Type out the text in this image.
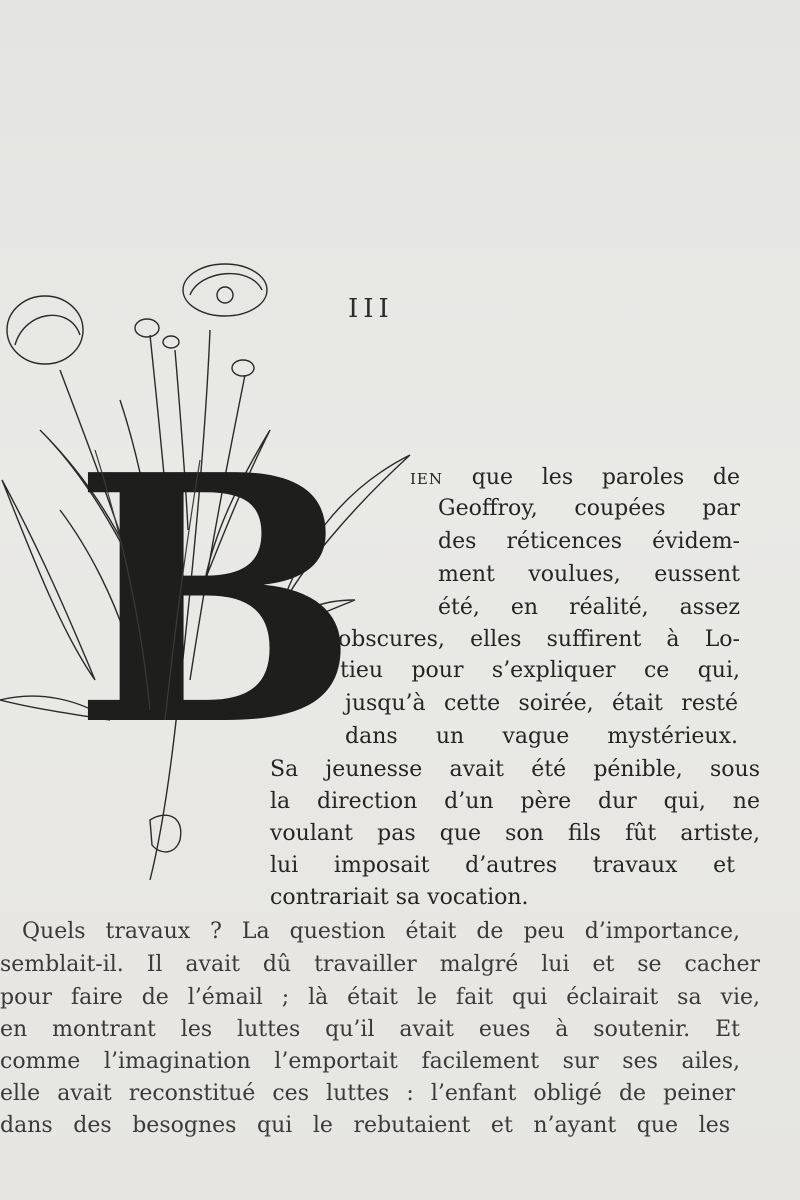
III
B	IEN que les paroles de
Geoffroy, coupées par
des réticences évidem-
ment voulues, eussent
été, en réalité, assez
obscures, elles suffirent à Lo-
tieu pour s’expliquer ce qui,
jusqu’à cette soirée, était resté
dans un vague mystérieux.
Sa jeunesse avait été pénible, sous
la direction d’un père dur qui, ne
voulant pas que son fils fût artiste,
lui imposait d’autres travaux et
contrariait sa vocation.
Quels travaux ? La question était de peu d’importance,
semblait-il. Il avait dû travailler malgré lui et se cacher
pour faire de l’émail ; là était le fait qui éclairait sa vie,
en montrant les luttes qu’il avait eues à soutenir. Et
comme l’imagination l’emportait facilement sur ses ailes,
elle avait reconstitué ces luttes : l’enfant obligé de peiner
dans des besognes qui le rebutaient et n’ayant que les
